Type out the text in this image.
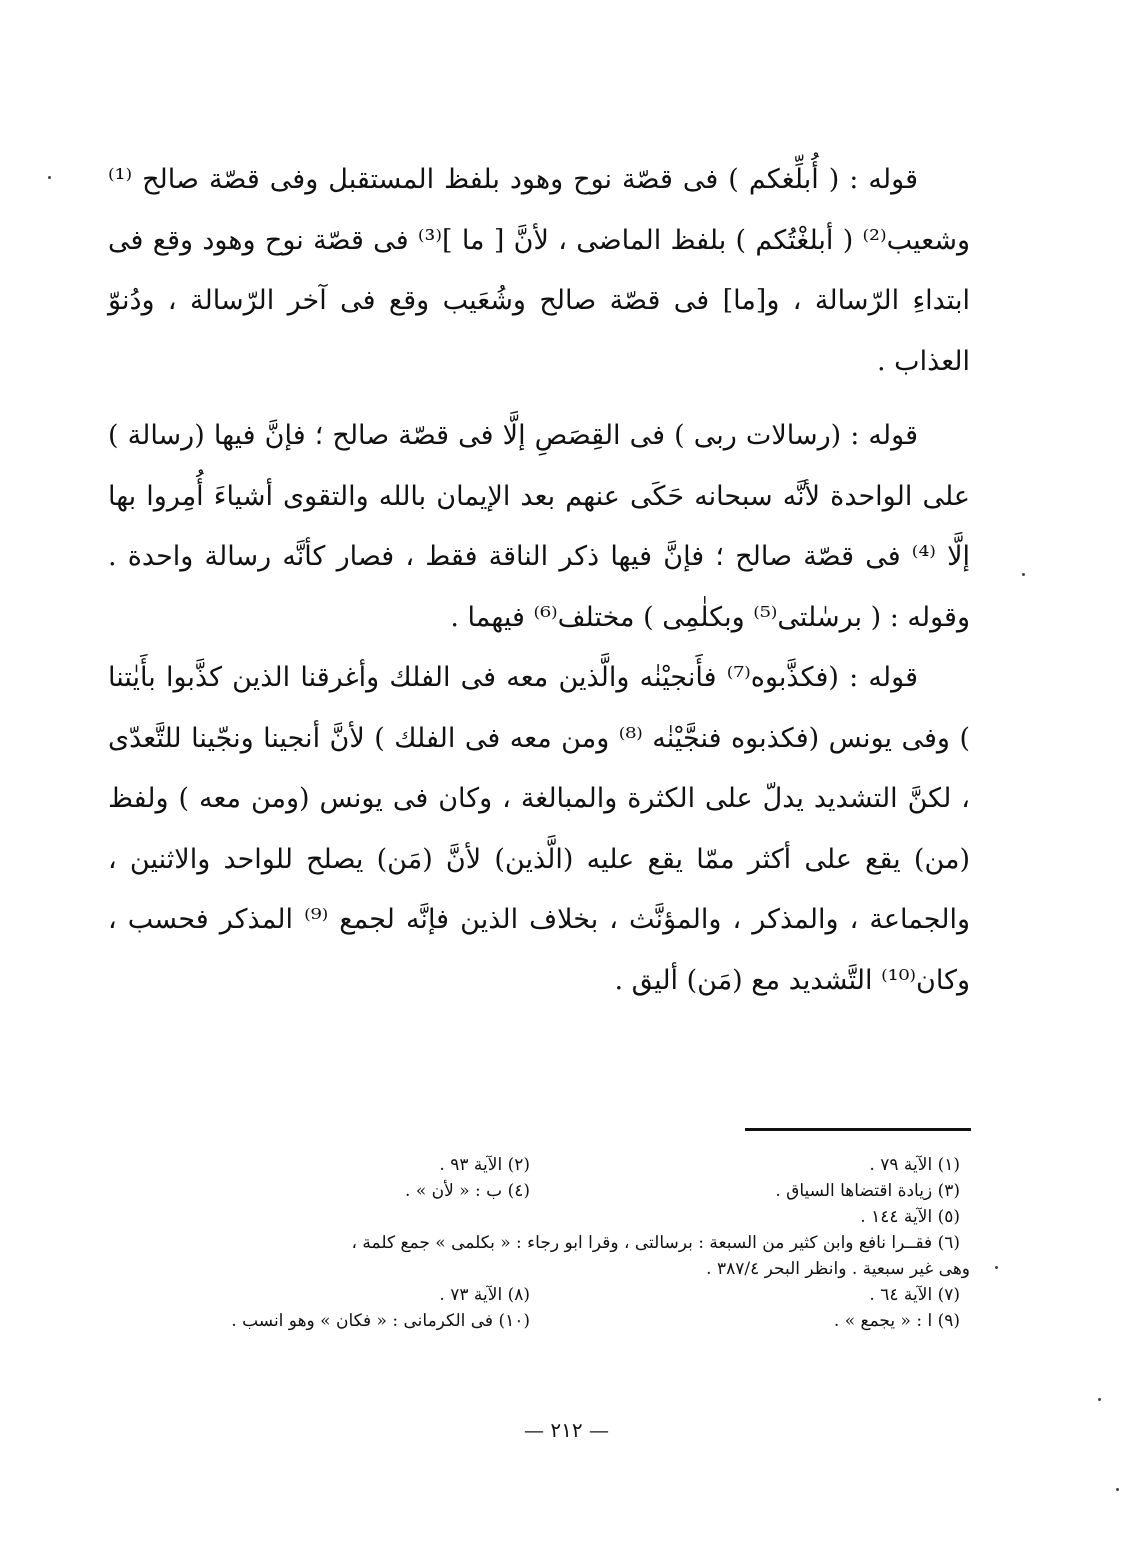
قوله : ( أُبلِّغكم ) فى قصّة نوح وهود بلفظ المستقبل وفى قصّة صالح ⁽¹⁾ وشعيب⁽²⁾ ( أبلغْتُكم ) بلفظ الماضى ، لأنَّ [ ما ]⁽³⁾ فى قصّة نوح وهود وقع فى ابتداءِ الرّسالة ، و[ما] فى قصّة صالح وشُعَيب وقع فى آخر الرّسالة ، ودُنوّ العذاب .

قوله : (رسالات ربى ) فى القِصَصِ إلَّا فى قصّة صالح ؛ فإنَّ فيها (رسالة ) على الواحدة لأنَّه سبحانه حَكَى عنهم بعد الإيمان بالله والتقوى أشياءَ أُمِروا بها إلَّا ⁽⁴⁾ فى قصّة صالح ؛ فإنَّ فيها ذكر الناقة فقط ، فصار كأنَّه رسالة واحدة . وقوله : ( برسٰلتى⁽⁵⁾ وبكلٰمِى ) مختلف⁽⁶⁾ فيهما .

قوله : (فكذَّبوه⁽⁷⁾ فأَنجيْنٰه والَّذين معه فى الفلك وأغرقنا الذين كذَّبوا بأَيٰتنا ) وفى يونس (فكذبوه فنجَّيْنٰه ⁽⁸⁾ ومن معه فى الفلك ) لأنَّ أنجينا ونجّينا للتَّعدّى ، لكنَّ التشديد يدلّ على الكثرة والمبالغة ، وكان فى يونس (ومن معه ) ولفظ (من) يقع على أكثر ممّا يقع عليه (الَّذين) لأنَّ (مَن) يصلح للواحد والاثنين ، والجماعة ، والمذكر ، والمؤنَّث ، بخلاف الذين فإنَّه لجمع ⁽⁹⁾ المذكر فحسب ، وكان⁽¹⁰⁾ التَّشديد مع (مَن) أليق .

(١) الآية ٧٩ .
(٢) الآية ٩٣ .
(٣) زيادة اقتضاها السياق .
(٤) ب : « لأن » .
(٥) الآية ١٤٤ .
(٦) فقــرا نافع وابن كثير من السبعة : برسالتى ، وقرا ابو رجاء : « بكلمى » جمع كلمة ،
وهى غير سبعية . وانظر البحر ٣٨٧/٤ .
(٧) الآية ٦٤ .
(٨) الآية ٧٣ .
(٩) ا : « يجمع » .
(١٠) فى الكرمانى : « فكان » وهو انسب .
— ٢١٢ —
